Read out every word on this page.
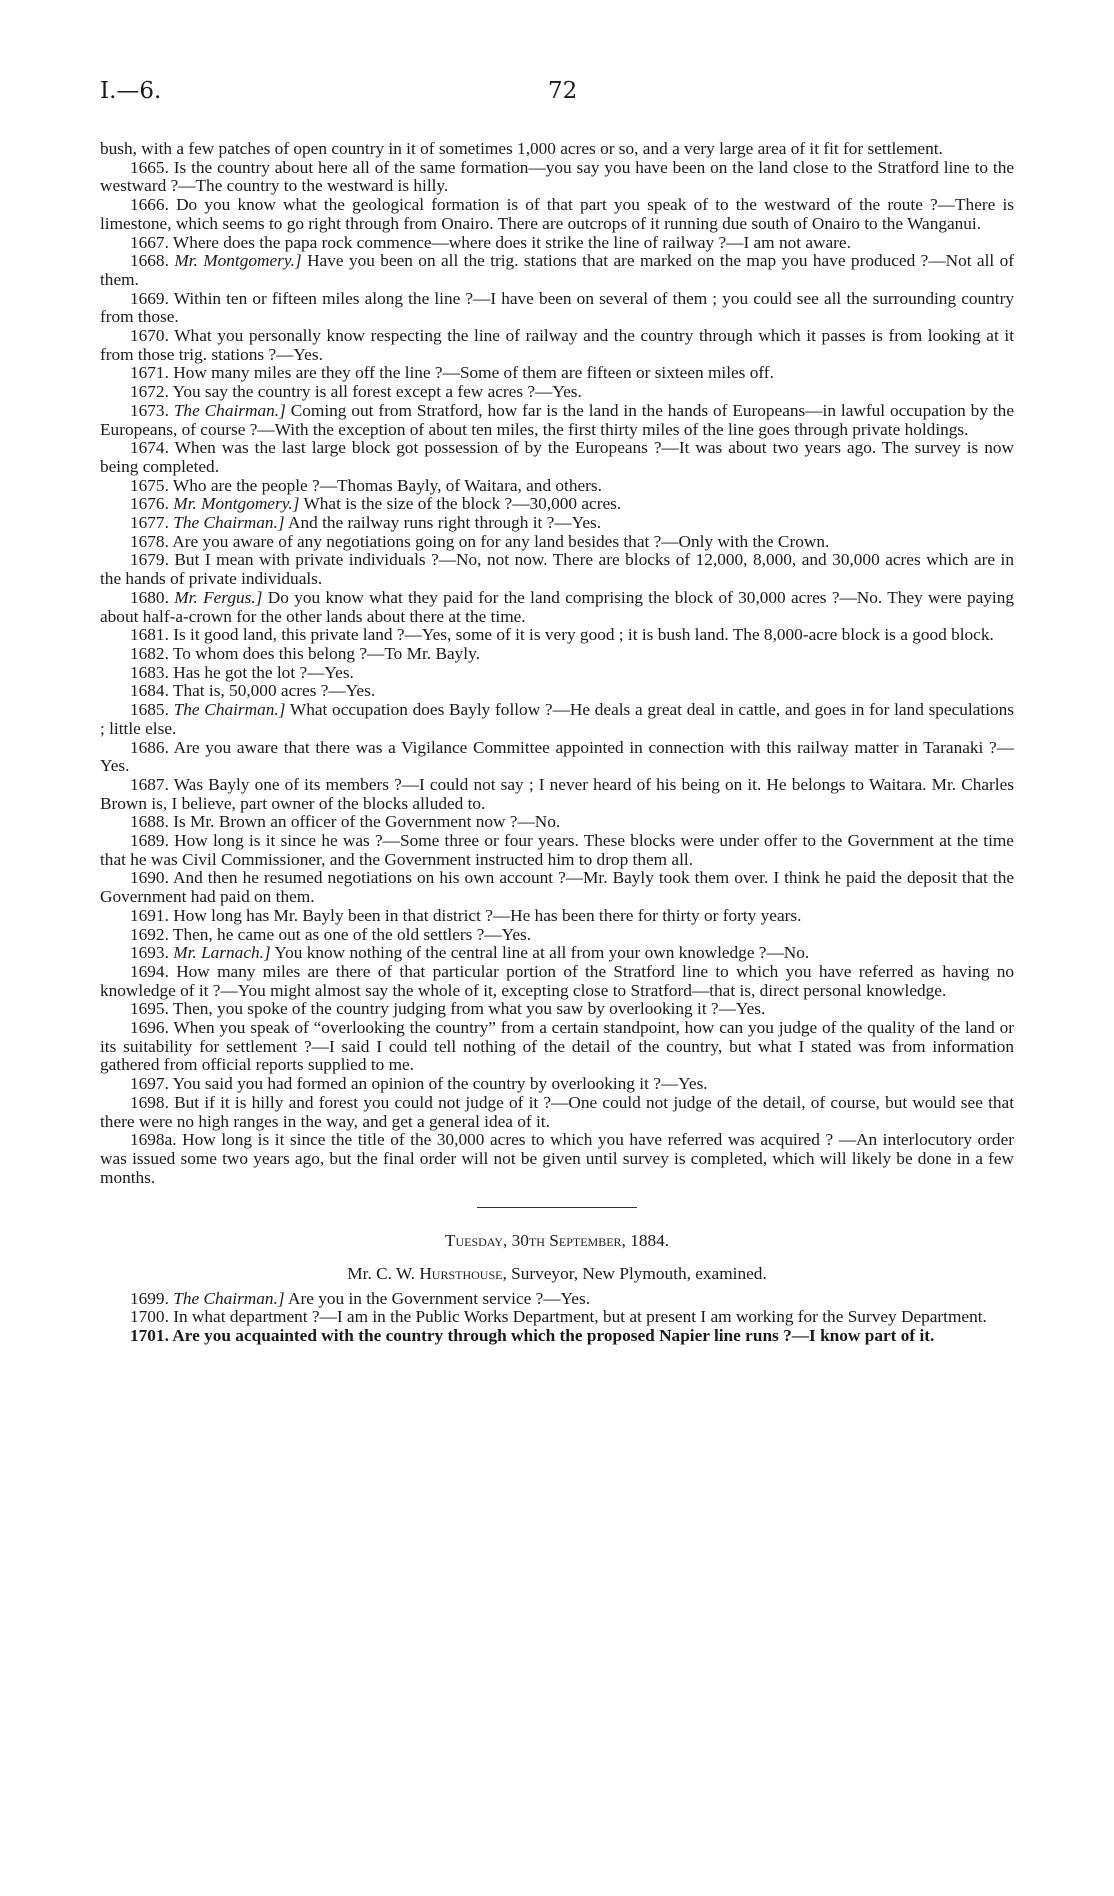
I.—6.	72

bush, with a few patches of open country in it of sometimes 1,000 acres or so, and a very large area of it fit for settlement.

1665. Is the country about here all of the same formation—you say you have been on the land close to the Stratford line to the westward ?—The country to the westward is hilly.

1666. Do you know what the geological formation is of that part you speak of to the westward of the route ?—There is limestone, which seems to go right through from Onairo. There are outcrops of it running due south of Onairo to the Wanganui.

1667. Where does the papa rock commence—where does it strike the line of railway ?—I am not aware.

1668. Mr. Montgomery.] Have you been on all the trig. stations that are marked on the map you have produced ?—Not all of them.

1669. Within ten or fifteen miles along the line ?—I have been on several of them ; you could see all the surrounding country from those.

1670. What you personally know respecting the line of railway and the country through which it passes is from looking at it from those trig. stations ?—Yes.

1671. How many miles are they off the line ?—Some of them are fifteen or sixteen miles off.

1672. You say the country is all forest except a few acres ?—Yes.

1673. The Chairman.] Coming out from Stratford, how far is the land in the hands of Europeans—in lawful occupation by the Europeans, of course ?—With the exception of about ten miles, the first thirty miles of the line goes through private holdings.

1674. When was the last large block got possession of by the Europeans ?—It was about two years ago. The survey is now being completed.

1675. Who are the people ?—Thomas Bayly, of Waitara, and others.

1676. Mr. Montgomery.] What is the size of the block ?—30,000 acres.

1677. The Chairman.] And the railway runs right through it ?—Yes.

1678. Are you aware of any negotiations going on for any land besides that ?—Only with the Crown.

1679. But I mean with private individuals ?—No, not now. There are blocks of 12,000, 8,000, and 30,000 acres which are in the hands of private individuals.

1680. Mr. Fergus.] Do you know what they paid for the land comprising the block of 30,000 acres ?—No. They were paying about half-a-crown for the other lands about there at the time.

1681. Is it good land, this private land ?—Yes, some of it is very good ; it is bush land. The 8,000-acre block is a good block.

1682. To whom does this belong ?—To Mr. Bayly.

1683. Has he got the lot ?—Yes.

1684. That is, 50,000 acres ?—Yes.

1685. The Chairman.] What occupation does Bayly follow ?—He deals a great deal in cattle, and goes in for land speculations ; little else.

1686. Are you aware that there was a Vigilance Committee appointed in connection with this railway matter in Taranaki ?—Yes.

1687. Was Bayly one of its members ?—I could not say ; I never heard of his being on it. He belongs to Waitara. Mr. Charles Brown is, I believe, part owner of the blocks alluded to.

1688. Is Mr. Brown an officer of the Government now ?—No.

1689. How long is it since he was ?—Some three or four years. These blocks were under offer to the Government at the time that he was Civil Commissioner, and the Government instructed him to drop them all.

1690. And then he resumed negotiations on his own account ?—Mr. Bayly took them over. I think he paid the deposit that the Government had paid on them.

1691. How long has Mr. Bayly been in that district ?—He has been there for thirty or forty years.

1692. Then, he came out as one of the old settlers ?—Yes.

1693. Mr. Larnach.] You know nothing of the central line at all from your own knowledge ?—No.

1694. How many miles are there of that particular portion of the Stratford line to which you have referred as having no knowledge of it ?—You might almost say the whole of it, excepting close to Stratford—that is, direct personal knowledge.

1695. Then, you spoke of the country judging from what you saw by overlooking it ?—Yes.

1696. When you speak of “overlooking the country” from a certain standpoint, how can you judge of the quality of the land or its suitability for settlement ?—I said I could tell nothing of the detail of the country, but what I stated was from information gathered from official reports supplied to me.

1697. You said you had formed an opinion of the country by overlooking it ?—Yes.

1698. But if it is hilly and forest you could not judge of it ?—One could not judge of the detail, of course, but would see that there were no high ranges in the way, and get a general idea of it.

1698a. How long is it since the title of the 30,000 acres to which you have referred was acquired ? —An interlocutory order was issued some two years ago, but the final order will not be given until survey is completed, which will likely be done in a few months.

Tuesday, 30th September, 1884.

Mr. C. W. Hursthouse, Surveyor, New Plymouth, examined.

1699. The Chairman.] Are you in the Government service ?—Yes.

1700. In what department ?—I am in the Public Works Department, but at present I am working for the Survey Department.

1701. Are you acquainted with the country through which the proposed Napier line runs ?—I know part of it.
